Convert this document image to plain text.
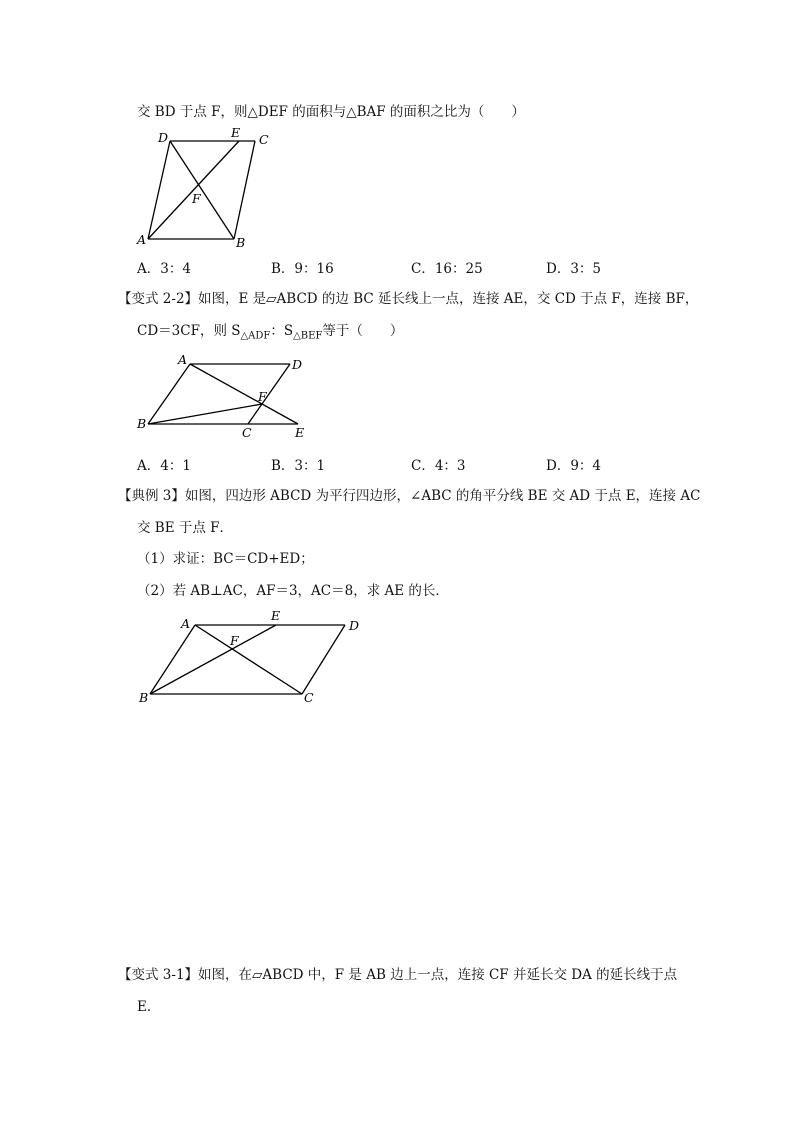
交 BD 于点 F，则△DEF 的面积与△BAF 的面积之比为（　　）
D	E C
F
A	B
A．3：4	B．9：16	C．16：25	D．3：5
【变式 2-2】如图，E 是▱ABCD 的边 BC 延长线上一点，连接 AE，交 CD 于点 F，连接 BF，
CD＝3CF，则 $S_{\triangle ADF}$：$S_{\triangle BEF}$等于（　　）
A	D
F
B
C	E
A．4：1	B．3：1	C．4：3	D．9：4
【典例 3】如图，四边形 ABCD 为平行四边形，∠ABC 的角平分线 BE 交 AD 于点 E，连接 AC
交 BE 于点 F．
（1）求证：BC＝CD+ED；
（2）若 AB⊥AC，AF＝3，AC＝8，求 AE 的长．
A
E
D
F
B	C
【变式 3-1】如图，在▱ABCD 中，F 是 AB 边上一点，连接 CF 并延长交 DA 的延长线于点
E．
